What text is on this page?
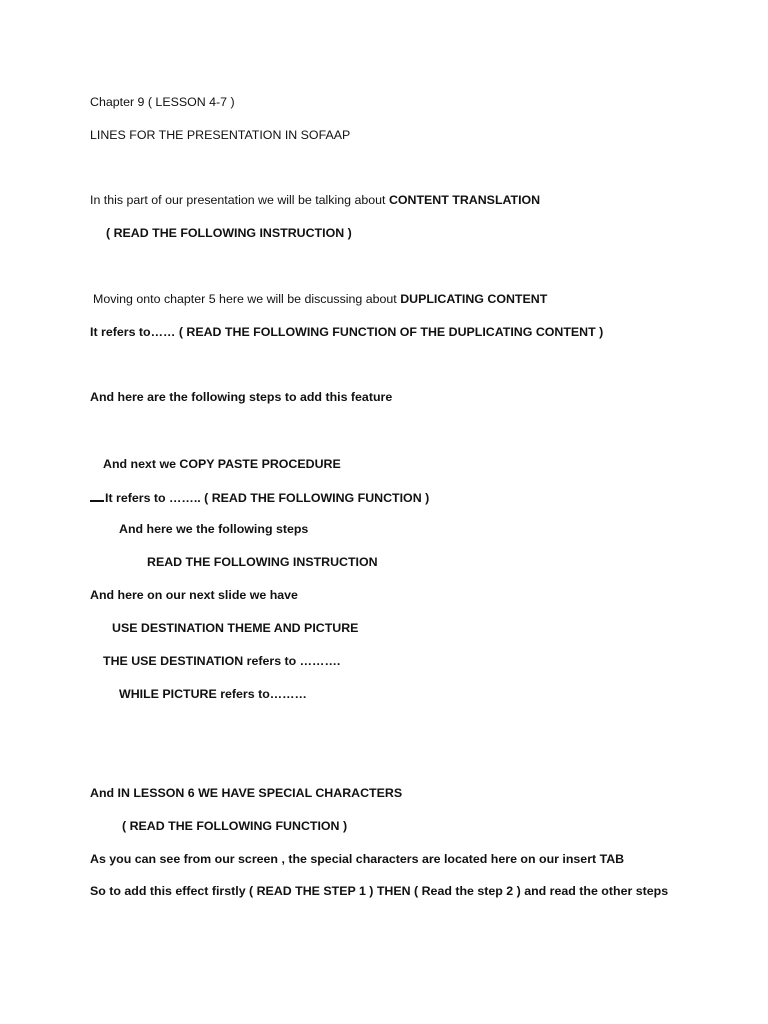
Chapter 9 ( LESSON 4-7 )
LINES FOR THE PRESENTATION IN SOFAAP
In this part of our presentation we will be talking about CONTENT TRANSLATION
( READ THE FOLLOWING INSTRUCTION )
Moving onto chapter 5 here we will be discussing about DUPLICATING CONTENT
It refers to…… ( READ THE FOLLOWING FUNCTION OF THE DUPLICATING CONTENT )
And here are the following steps to add this feature
And next we COPY PASTE PROCEDURE
It refers to …….. ( READ THE FOLLOWING FUNCTION )
And here we the following steps
READ THE FOLLOWING INSTRUCTION
And here on our next slide we have
USE DESTINATION THEME AND PICTURE
THE USE DESTINATION refers to ……….
WHILE PICTURE refers to………
And IN LESSON 6 WE HAVE SPECIAL CHARACTERS
( READ THE FOLLOWING FUNCTION )
As you can see from our screen , the special characters are located here on our insert TAB
So to add this effect firstly ( READ THE STEP 1 ) THEN ( Read the step 2 ) and read the other steps
